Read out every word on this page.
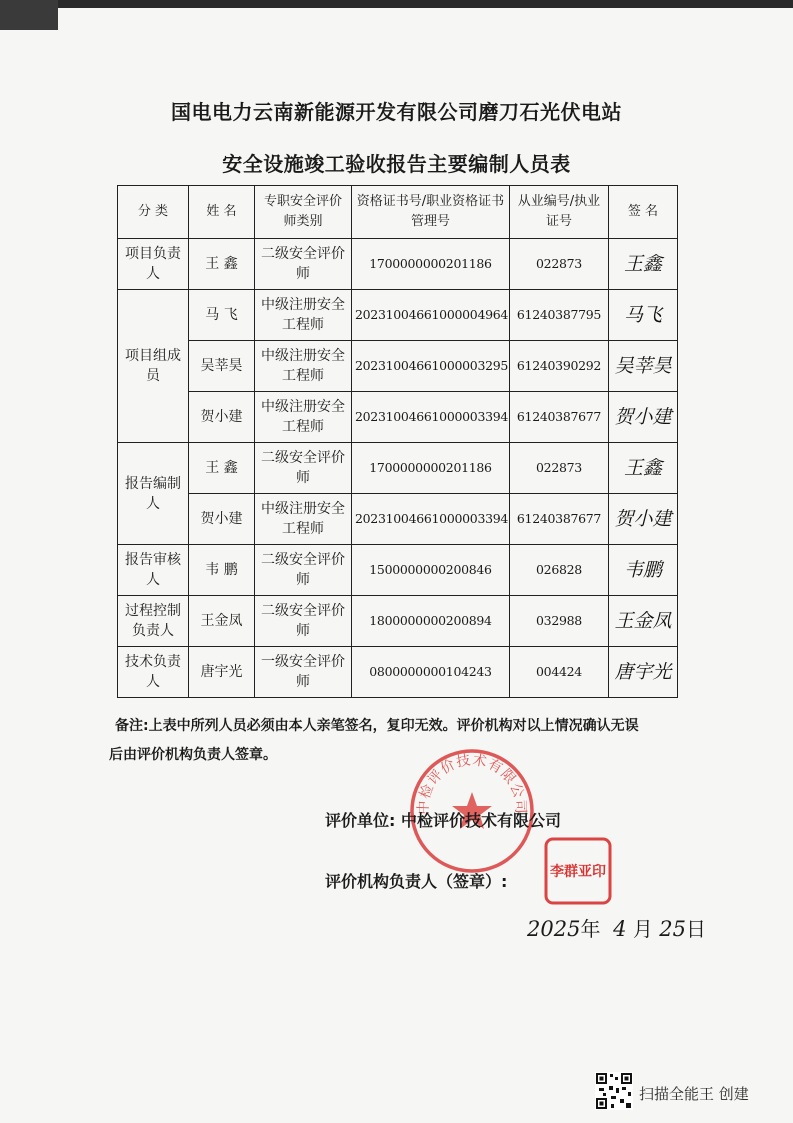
国电电力云南新能源开发有限公司磨刀石光伏电站
安全设施竣工验收报告主要编制人员表
分 类	姓 名	专职安全评价师类别	资格证书号/职业资格证书管理号	从业编号/执业证号	签 名
项目负责人	王 鑫	二级安全评价师	1700000000201186	022873	王鑫
项目组成员	马 飞	中级注册安全工程师	20231004661000004964	61240387795	马飞
	吴莘昊	中级注册安全工程师	20231004661000003295	61240390292	吴莘昊
	贺小建	中级注册安全工程师	20231004661000003394	61240387677	贺小建
报告编制人	王 鑫	二级安全评价师	1700000000201186	022873	王鑫
	贺小建	中级注册安全工程师	20231004661000003394	61240387677	贺小建
报告审核人	韦 鹏	二级安全评价师	1500000000200846	026828	韦鹏
过程控制负责人	王金凤	二级安全评价师	1800000000200894	032988	王金凤
技术负责人	唐宇光	一级安全评价师	0800000000104243	004424	唐宇光
备注:上表中所列人员必须由本人亲笔签名，复印无效。评价机构对以上情况确认无误
后由评价机构负责人签章。
中检评价技术有限公司
李群亚印
评价单位: 中检评价技术有限公司
评价机构负责人（签章）:
2025年 4 月 25日
扫描全能王 创建
